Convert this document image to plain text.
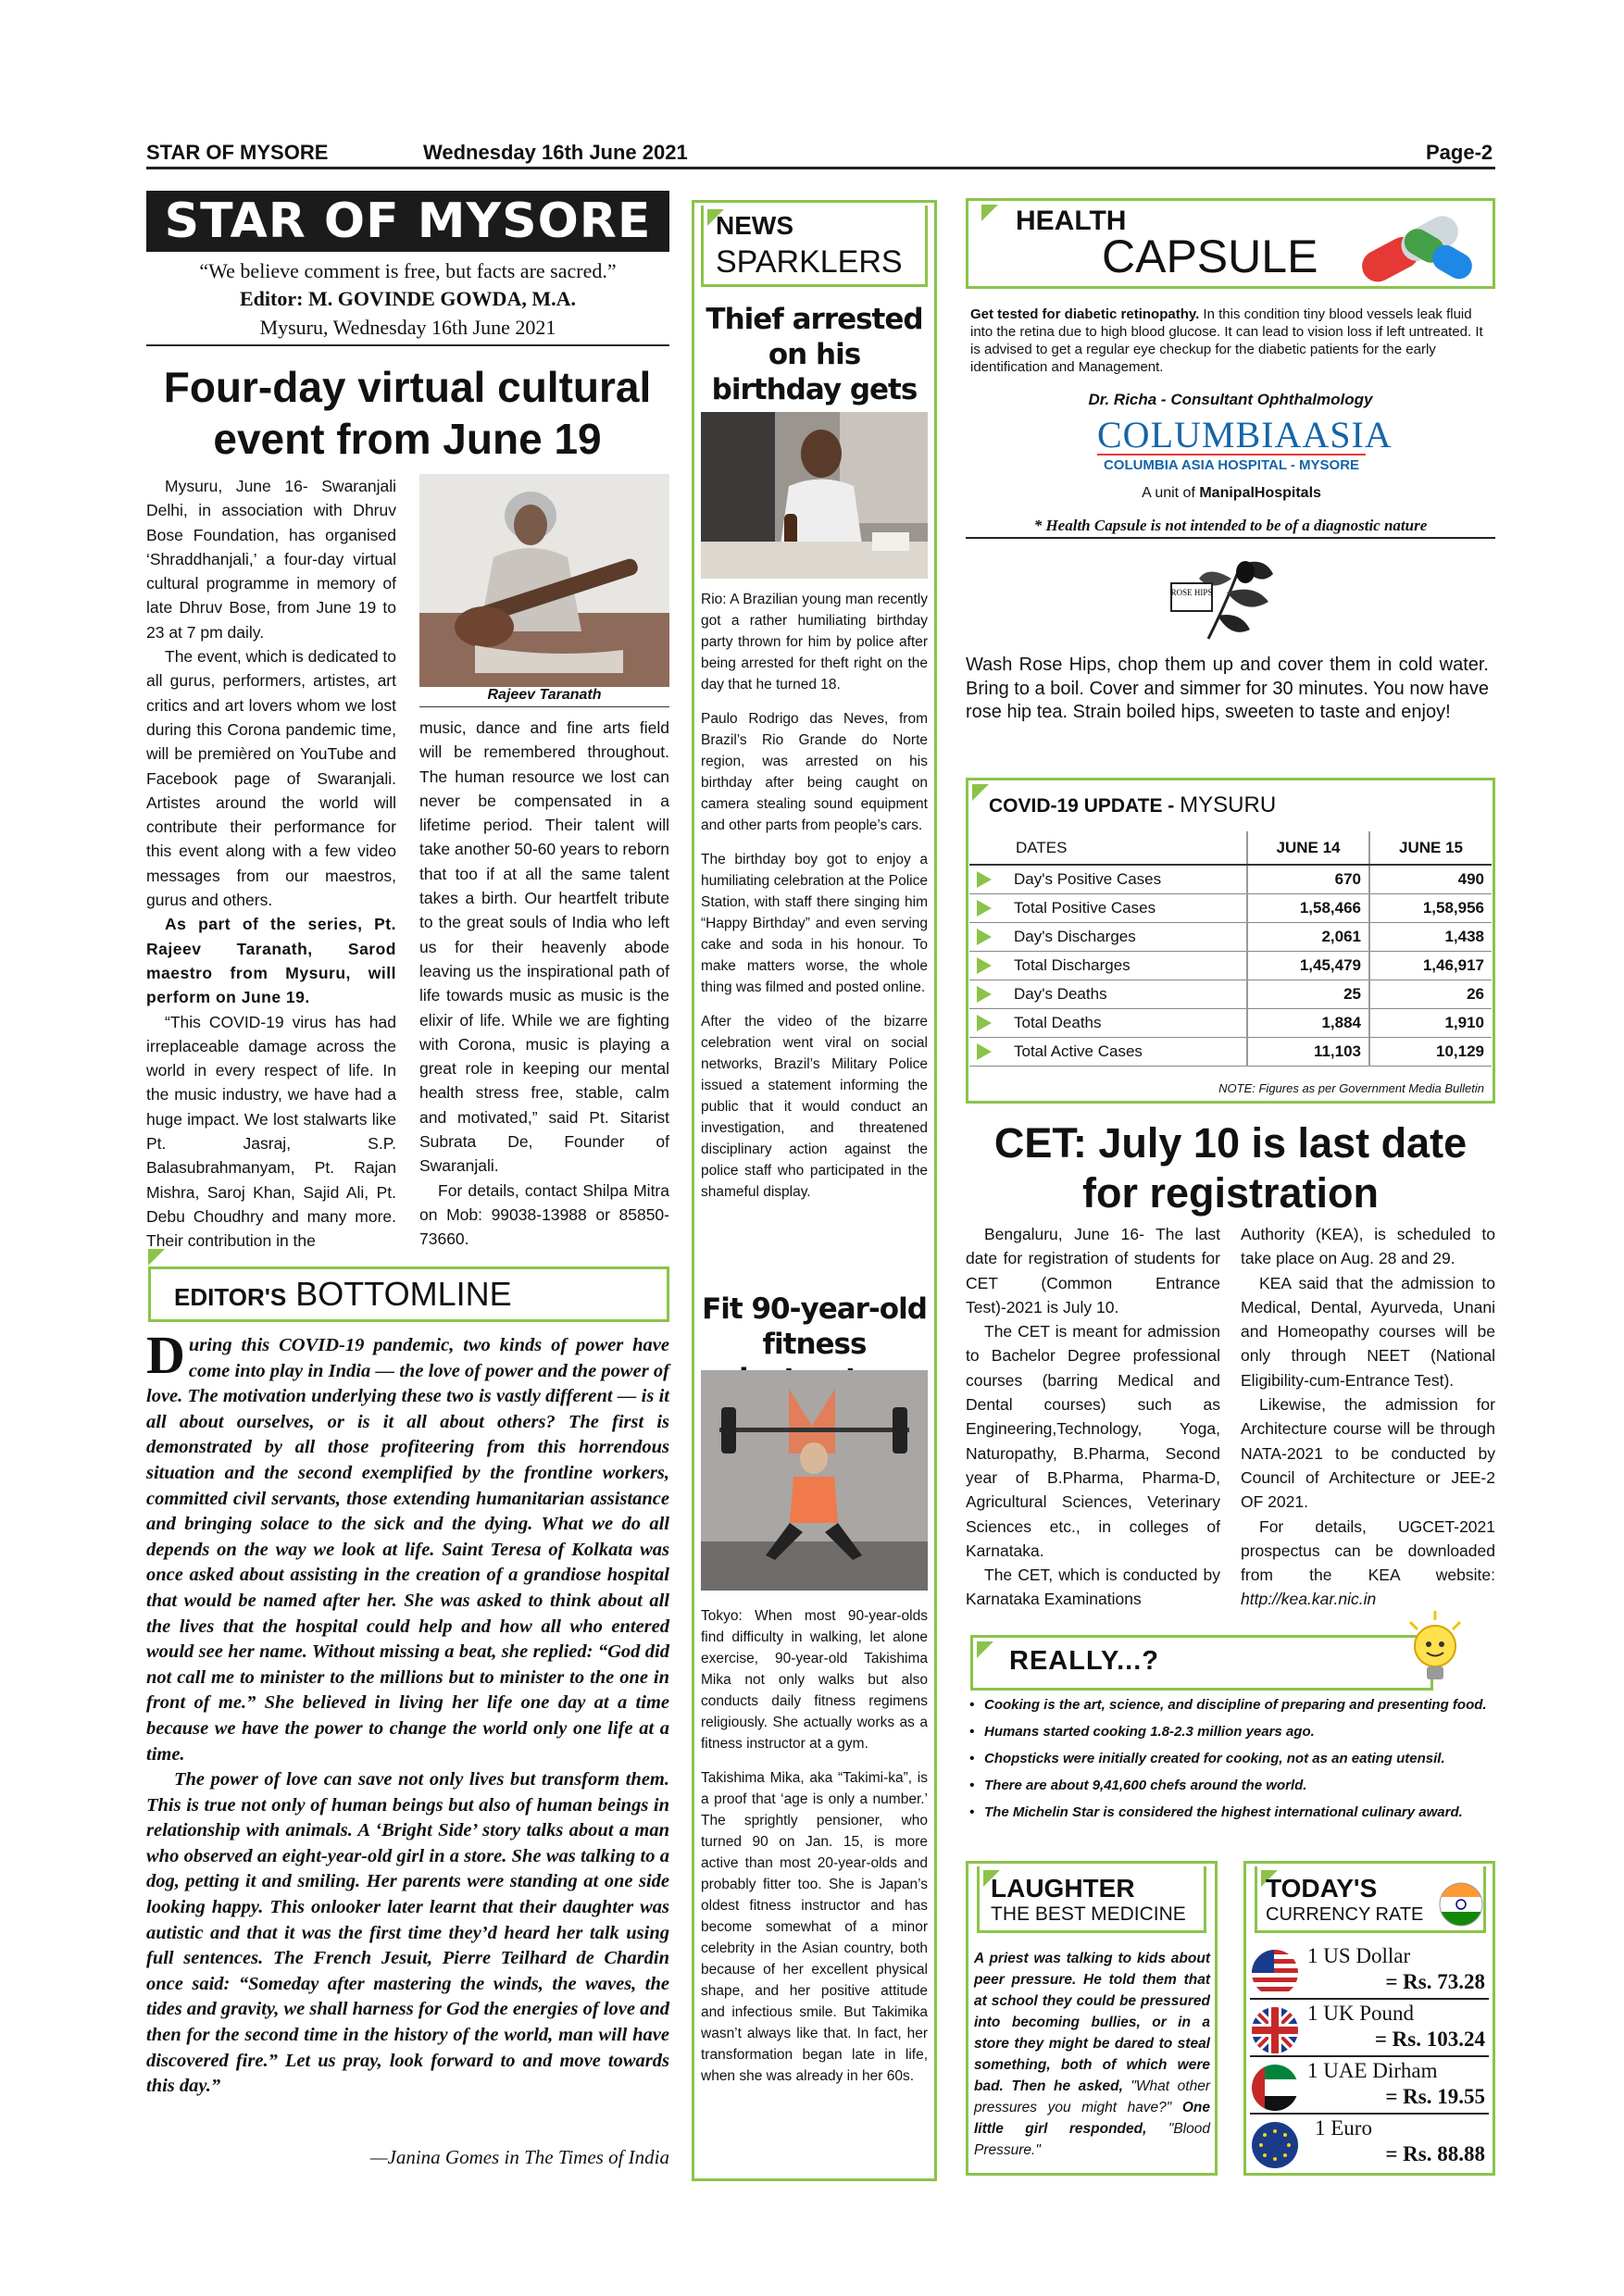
STAR OF MYSORE	Wednesday 16th June 2021	Page-2
STAR OF MYSORE
“We believe comment is free, but facts are sacred.”
Editor: M. GOVINDE GOWDA, M.A.
Mysuru, Wednesday 16th June 2021
Four-day virtual cultural event from June 19

Mysuru, June 16- Swaranjali Delhi, in association with Dhruv Bose Foundation, has organised ‘Shraddhanjali,’ a four-day virtual cultural programme in memory of late Dhruv Bose, from June 19 to 23 at 7 pm daily.

The event, which is dedicated to all gurus, performers, artistes, art critics and art lovers whom we lost during this Corona pandemic time, will be premièred on YouTube and Facebook page of Swaranjali. Artistes around the world will contribute their performance for this event along with a few video messages from our maestros, gurus and others.

As part of the series, Pt. Rajeev Taranath, Sarod maestro from Mysuru, will perform on June 19.

“This COVID-19 virus has had irreplaceable damage across the world in every respect of life. In the music industry, we have had a huge impact. We lost stalwarts like Pt. Jasraj, S.P. Balasubrahmanyam, Pt. Rajan Mishra, Saroj Khan, Sajid Ali, Pt. Debu Choudhry and many more. Their contribution in the

Rajeev Taranath

music, dance and fine arts field will be remembered throughout. The human resource we lost can never be compensated in a lifetime period. Their talent will take another 50-60 years to reborn that too if at all the same talent takes a birth. Our heartfelt tribute to the great souls of India who left us for their heavenly abode leaving us the inspirational path of life towards music as music is the elixir of life. While we are fighting with Corona, music is playing a great role in keeping our mental health stress free, stable, calm and motivated,” said Pt. Sitarist Subrata De, Founder of Swaranjali.

For details, contact Shilpa Mitra on Mob: 99038-13988 or 85850-73660.

EDITOR'S BOTTOMLINE

During this COVID-19 pandemic, two kinds of power have come into play in India — the love of power and the power of love. The motivation underlying these two is vastly different — is it all about ourselves, or is it all about others? The first is demonstrated by all those profiteering from this horrendous situation and the second exemplified by the frontline workers, committed civil servants, those extending humanitarian assistance and bringing solace to the sick and the dying. What we do all depends on the way we look at life. Saint Teresa of Kolkata was once asked about assisting in the creation of a grandiose hospital that would be named after her. She was asked to think about all the lives that the hospital could help and how all who entered would see her name. Without missing a beat, she replied: “God did not call me to minister to the millions but to minister to the one in front of me.” She believed in living her life one day at a time because we have the power to change the world only one life at a time.

The power of love can save not only lives but transform them. This is true not only of human beings but also of human beings in relationship with animals. A ‘Bright Side’ story talks about a man who observed an eight-year-old girl in a store. She was talking to a dog, petting it and smiling. Her parents were standing at one side looking happy. This onlooker later learnt that their daughter was autistic and that it was the first time they’d heard her talk using full sentences. The French Jesuit, Pierre Teilhard de Chardin once said: “Someday after mastering the winds, the waves, the tides and gravity, we shall harness for God the energies of love and then for the second time in the history of the world, man will have discovered fire.” Let us pray, look forward to and move towards this day.”

—Janina Gomes in The Times of India
NEWS
SPARKLERS
Thief arrested on his birthday gets

Rio: A Brazilian young man recently got a rather humiliating birthday party thrown for him by police after being arrested for theft right on the day that he turned 18.

Paulo Rodrigo das Neves, from Brazil’s Rio Grande do Norte region, was arrested on his birthday after being caught on camera stealing sound equipment and other parts from people’s cars.

The birthday boy got to enjoy a humiliating celebration at the Police Station, with staff there singing him “Happy Birthday” and even serving cake and soda in his honour. To make matters worse, the whole thing was filmed and posted online.

After the video of the bizarre celebration went viral on social networks, Brazil’s Military Police issued a statement informing the public that it would conduct an investigation, and threatened disciplinary action against the police staff who participated in the shameful display.

Fit 90-year-old fitness

Tokyo: When most 90-year-olds find difficulty in walking, let alone exercise, 90-year-old Takishima Mika not only walks but also conducts daily fitness regimens religiously. She actually works as a fitness instructor at a gym.

Takishima Mika, aka “Takimi-ka”, is a proof that ‘age is only a number.’ The sprightly pensioner, who turned 90 on Jan. 15, is more active than most 20-year-olds and probably fitter too. She is Japan’s oldest fitness instructor and has become somewhat of a minor celebrity in the Asian country, both because of her excellent physical shape, and her positive attitude and infectious smile. But Takimika wasn’t always like that. In fact, her transformation began late in life, when she was already in her 60s.

HEALTH
CAPSULE
Get tested for diabetic retinopathy. In this condition tiny blood vessels leak fluid into the retina due to high blood glucose. It can lead to vision loss if left untreated. It is advised to get a regular eye checkup for the diabetic patients for the early identification and Management.
Dr. Richa - Consultant Ophthalmology
COLUMBIAASIA
COLUMBIA ASIA HOSPITAL - MYSORE
A unit of ManipalHospitals
* Health Capsule is not intended to be of a diagnostic nature
ROSE HIPS

Wash Rose Hips, chop them up and cover them in cold water. Bring to a boil. Cover and simmer for 30 minutes. You now have rose hip tea. Strain boiled hips, sweeten to taste and enjoy!

COVID-19 UPDATE - MYSURU
DATES	JUNE 14	JUNE 15
Day's Positive Cases	670	490
Total Positive Cases	1,58,466	1,58,956
Day's Discharges	2,061	1,438
Total Discharges	1,45,479	1,46,917
Day's Deaths	25	26
Total Deaths	1,884	1,910
Total Active Cases	11,103	10,129
NOTE: Figures as per Government Media Bulletin
CET: July 10 is last date for registration

Bengaluru, June 16- The last date for registration of students for CET (Common Entrance Test)-2021 is July 10.

The CET is meant for admission to Bachelor Degree professional courses (barring Medical and Dental courses) such as Engineering,Technology, Yoga, Naturopathy, B.Pharma, Second year of B.Pharma, Pharma-D, Agricultural Sciences, Veterinary Sciences etc., in colleges of Karnataka.

The CET, which is conducted by Karnataka Examinations

Authority (KEA), is scheduled to take place on Aug. 28 and 29.

KEA said that the admission to Medical, Dental, Ayurveda, Unani and Homeopathy courses will be only through NEET (National Eligibility-cum-Entrance Test).

Likewise, the admission for Architecture course will be through NATA-2021 to be conducted by Council of Architecture or JEE-2 OF 2021.

For details, UGCET-2021 prospectus can be downloaded from the KEA website: http://kea.kar.nic.in

REALLY...?
• Cooking is the art, science, and discipline of preparing and presenting food.
• Humans started cooking 1.8-2.3 million years ago.
• Chopsticks were initially created for cooking, not as an eating utensil.
• There are about 9,41,600 chefs around the world.
• The Michelin Star is considered the highest international culinary award.
LAUGHTER
THE BEST MEDICINE

A priest was talking to kids about peer pressure. He told them that at school they could be pressured into becoming bullies, or in a store they might be dared to steal something, both of which were bad. Then he asked, "What other pressures you might have?" One little girl responded, "Blood Pressure."

TODAY'S
CURRENCY RATE
1 US Dollar
= Rs. 73.28
1 UK Pound
= Rs. 103.24
1 UAE Dirham
= Rs. 19.55
1 Euro
= Rs. 88.88
